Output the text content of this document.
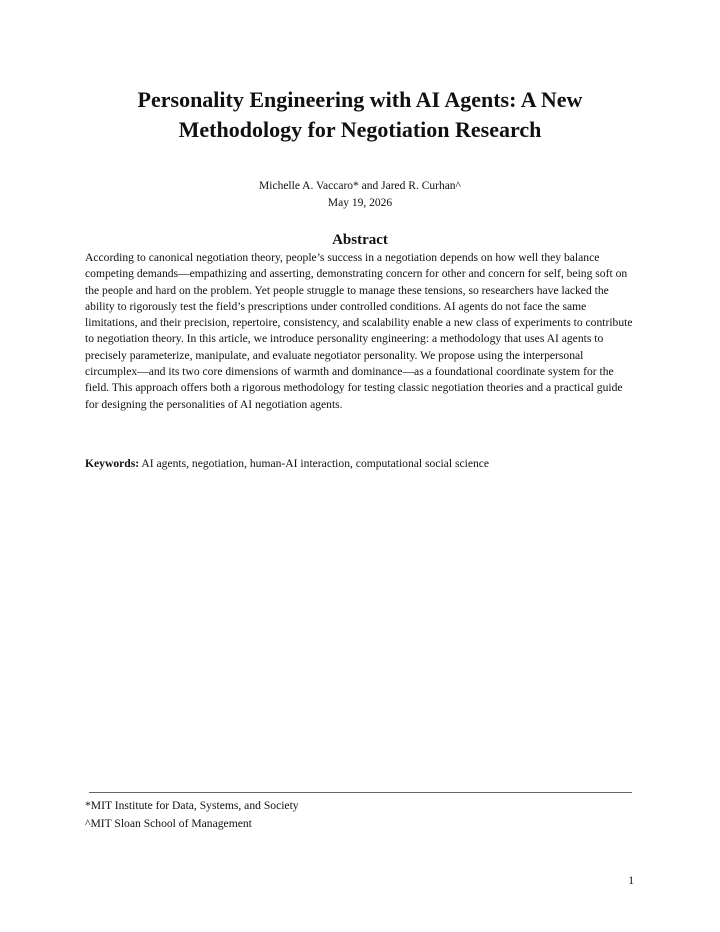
Personality Engineering with AI Agents: A New Methodology for Negotiation Research
Michelle A. Vaccaro* and Jared R. Curhan^
May 19, 2026
Abstract

According to canonical negotiation theory, people’s success in a negotiation depends on how well they balance competing demands—empathizing and asserting, demonstrating concern for other and concern for self, being soft on the people and hard on the problem. Yet people struggle to manage these tensions, so researchers have lacked the ability to rigorously test the field’s prescriptions under controlled conditions. AI agents do not face the same limitations, and their precision, repertoire, consistency, and scalability enable a new class of experiments to contribute to negotiation theory. In this article, we introduce personality engineering: a methodology that uses AI agents to precisely parameterize, manipulate, and evaluate negotiator personality. We propose using the interpersonal circumplex—and its two core dimensions of warmth and dominance—as a foundational coordinate system for the field. This approach offers both a rigorous methodology for testing classic negotiation theories and a practical guide for designing the personalities of AI negotiation agents.

Keywords: AI agents, negotiation, human-AI interaction, computational social science

*MIT Institute for Data, Systems, and Society
^MIT Sloan School of Management
1
